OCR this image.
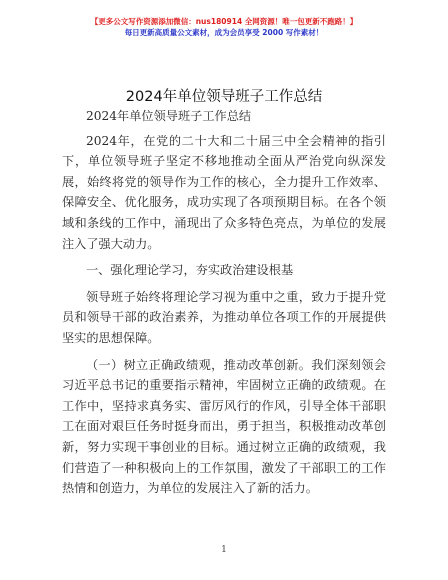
【更多公文写作资源添加微信：nus180914 全网资源！唯一包更新不跑路！】
每日更新高质量公文素材，成为会员享受 2000 写作素材！
2024年单位领导班子工作总结

2024年单位领导班子工作总结

2024年，在党的二十大和二十届三中全会精神的指引下，单位领导班子坚定不移地推动全面从严治党向纵深发展，始终将党的领导作为工作的核心，全力提升工作效率、保障安全、优化服务，成功实现了各项预期目标。在各个领域和条线的工作中，涌现出了众多特色亮点，为单位的发展注入了强大动力。

一、强化理论学习，夯实政治建设根基

领导班子始终将理论学习视为重中之重，致力于提升党员和领导干部的政治素养，为推动单位各项工作的开展提供坚实的思想保障。

（一）树立正确政绩观，推动改革创新。我们深刻领会习近平总书记的重要指示精神，牢固树立正确的政绩观。在工作中，坚持求真务实、雷厉风行的作风，引导全体干部职工在面对艰巨任务时挺身而出，勇于担当，积极推动改革创新，努力实现干事创业的目标。通过树立正确的政绩观，我们营造了一种积极向上的工作氛围，激发了干部职工的工作热情和创造力，为单位的发展注入了新的活力。

1
